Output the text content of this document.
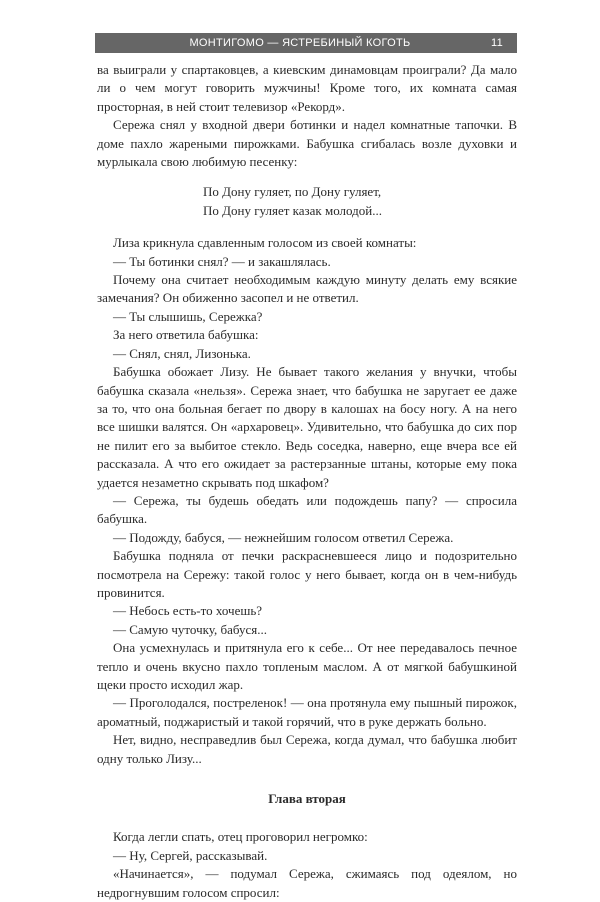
МОНТИГОМО — ЯСТРЕБИНЫЙ КОГОТЬ	11

ва выиграли у спартаковцев, а киевским динамовцам проиграли? Да мало ли о чем могут говорить мужчины! Кроме того, их комната самая просторная, в ней стоит телевизор «Рекорд».

Сережа снял у входной двери ботинки и надел комнатные тапочки. В доме пахло жареными пирожками. Бабушка сгибалась возле духовки и мурлыкала свою любимую песенку:

По Дону гуляет, по Дону гуляет,
По Дону гуляет казак молодой...

Лиза крикнула сдавленным голосом из своей комнаты:

— Ты ботинки снял? — и закашлялась.

Почему она считает необходимым каждую минуту делать ему всякие замечания? Он обиженно засопел и не ответил.

— Ты слышишь, Сережка?

За него ответила бабушка:

— Снял, снял, Лизонька.

Бабушка обожает Лизу. Не бывает такого желания у внучки, чтобы бабушка сказала «нельзя». Сережа знает, что бабушка не заругает ее даже за то, что она больная бегает по двору в калошах на босу ногу. А на него все шишки валятся. Он «архаровец». Удивительно, что бабушка до сих пор не пилит его за выбитое стекло. Ведь соседка, наверно, еще вчера все ей рассказала. А что его ожидает за растерзанные штаны, которые ему пока удается незаметно скрывать под шкафом?

— Сережа, ты будешь обедать или подождешь папу? — спросила бабушка.

— Подожду, бабуся, — нежнейшим голосом ответил Сережа.

Бабушка подняла от печки раскрасневшееся лицо и подозрительно посмотрела на Сережу: такой голос у него бывает, когда он в чем-нибудь провинится.

— Небось есть-то хочешь?

— Самую чуточку, бабуся...

Она усмехнулась и притянула его к себе... От нее передавалось печное тепло и очень вкусно пахло топленым маслом. А от мягкой бабушкиной щеки просто исходил жар.

— Проголодался, постреленок! — она протянула ему пышный пирожок, ароматный, поджаристый и такой горячий, что в руке держать больно.

Нет, видно, несправедлив был Сережа, когда думал, что бабушка любит одну только Лизу...

Глава вторая

Когда легли спать, отец проговорил негромко:

— Ну, Сергей, рассказывай.

«Начинается», — подумал Сережа, сжимаясь под одеялом, но недрогнувшим голосом спросил:
